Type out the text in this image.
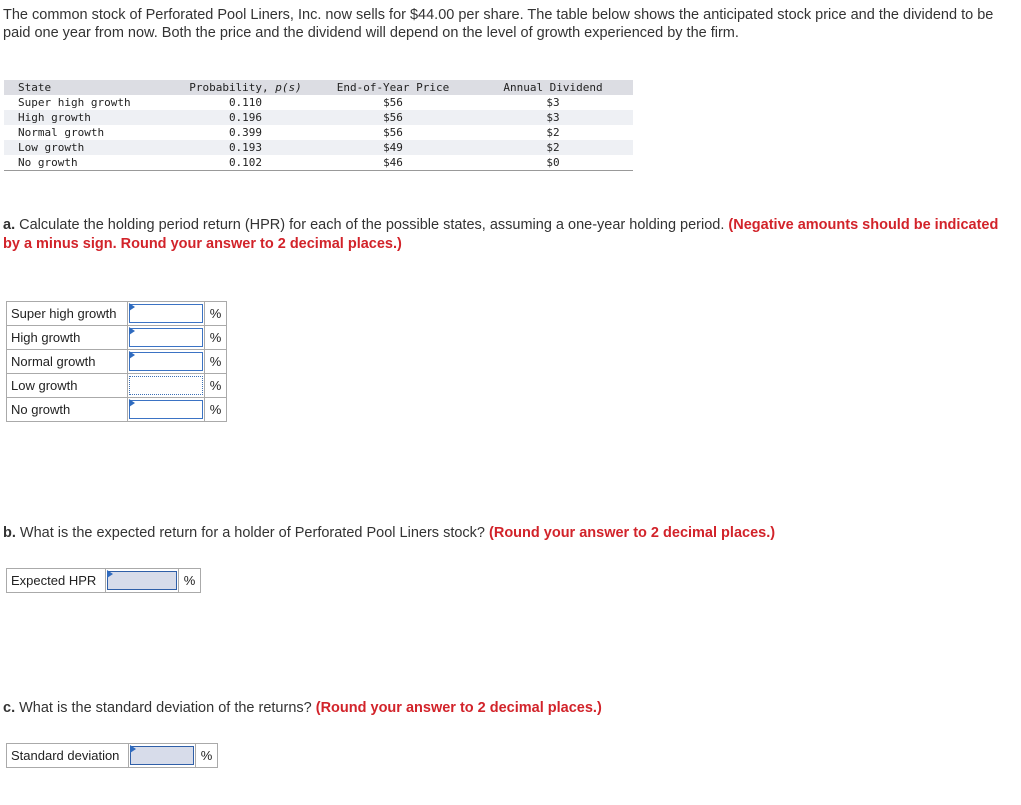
The common stock of Perforated Pool Liners, Inc. now sells for $44.00 per share. The table below shows the anticipated stock price and the dividend to be paid one year from now. Both the price and the dividend will depend on the level of growth experienced by the firm.
State	Probability, p(s)	End-of-Year Price	Annual Dividend
Super high growth	0.110	$56	$3
High growth	0.196	$56	$3
Normal growth	0.399	$56	$2
Low growth	0.193	$49	$2
No growth	0.102	$46	$0
a. Calculate the holding period return (HPR) for each of the possible states, assuming a one-year holding period. (Negative amounts should be indicated by a minus sign. Round your answer to 2 decimal places.)
Super high growth		%
High growth		%
Normal growth		%
Low growth		%
No growth		%
b. What is the expected return for a holder of Perforated Pool Liners stock? (Round your answer to 2 decimal places.)
Expected HPR		%
c. What is the standard deviation of the returns? (Round your answer to 2 decimal places.)
Standard deviation		%
